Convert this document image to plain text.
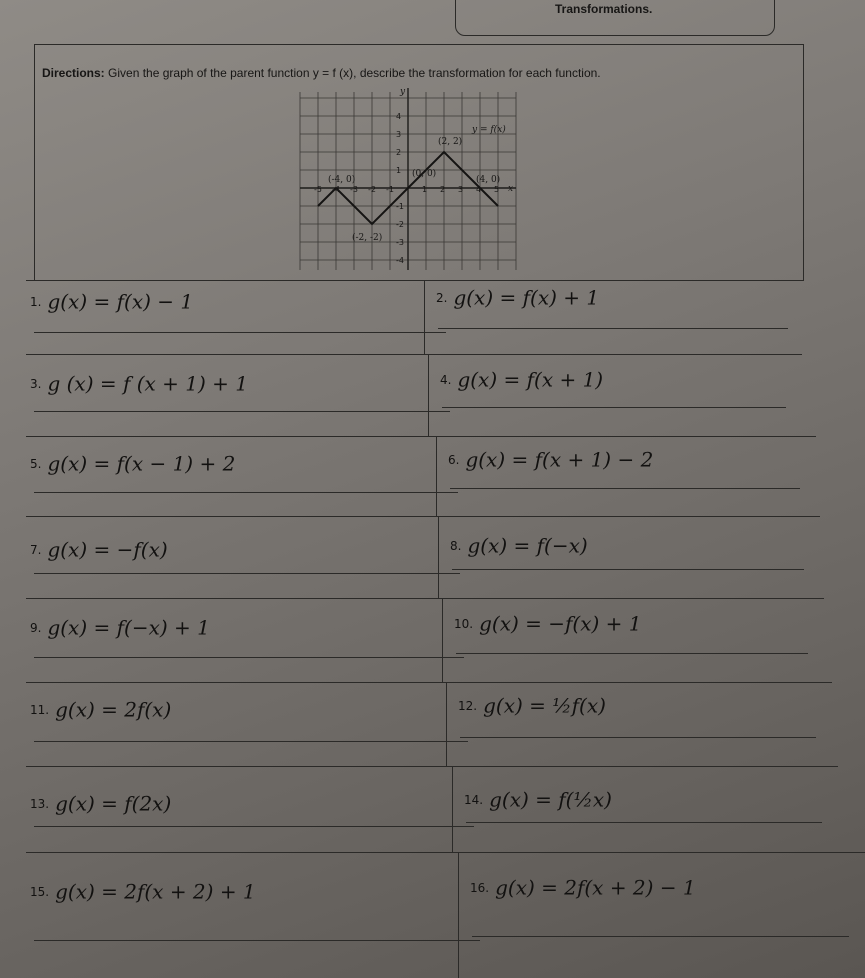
Transformations.
Directions: Given the graph of the parent function y = f (x), describe the transformation for each function.
-5 -4 -3 -2 -1	1 2 3 4 5
4
3
2
1
-1
-2
-3
-4
(-4, 0)
(-2, -2)
(0, 0)
(2, 2)
(4, 0)
x
y
y = f(x)
1. g(x) = f(x) − 1	2. g(x) = f(x) + 1
3. g (x) = f (x + 1) + 1	4. g(x) = f(x + 1)
5. g(x) = f(x − 1) + 2	6. g(x) = f(x + 1) − 2
7. g(x) = −f(x)	8. g(x) = f(−x)
9. g(x) = f(−x) + 1	10. g(x) = −f(x) + 1
11. g(x) = 2f(x)	12. g(x) = ½f(x)
13. g(x) = f(2x)	14. g(x) = f(½x)
15. g(x) = 2f(x + 2) + 1	16. g(x) = 2f(x + 2) − 1
